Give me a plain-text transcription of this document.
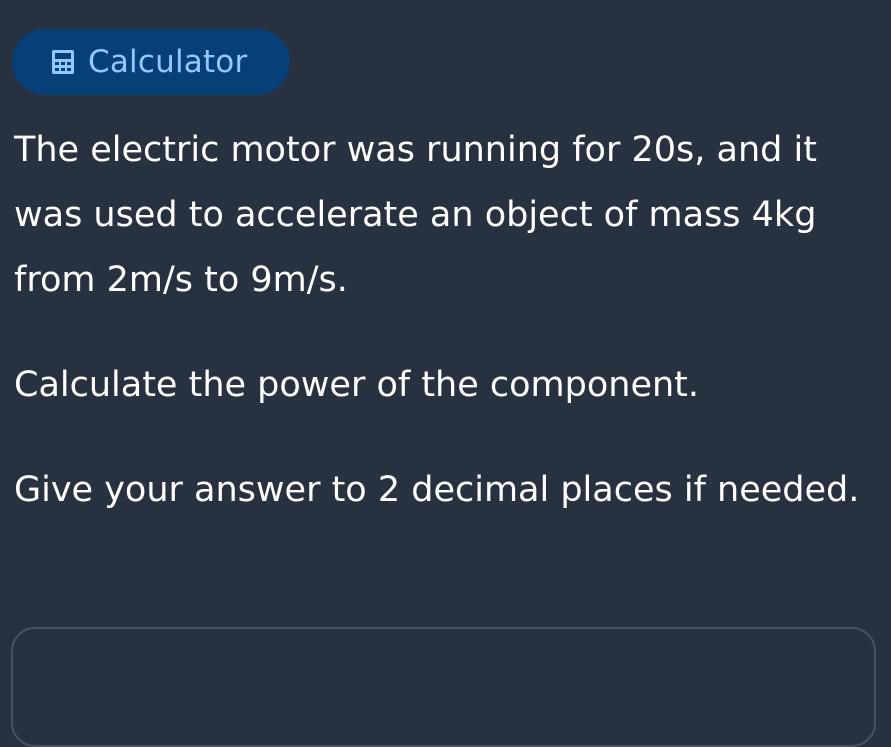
Calculator

The electric motor was running for 20s, and it was used to accelerate an object of mass 4kg from 2m/s to 9m/s.

Calculate the power of the component.

Give your answer to 2 decimal places if needed.
